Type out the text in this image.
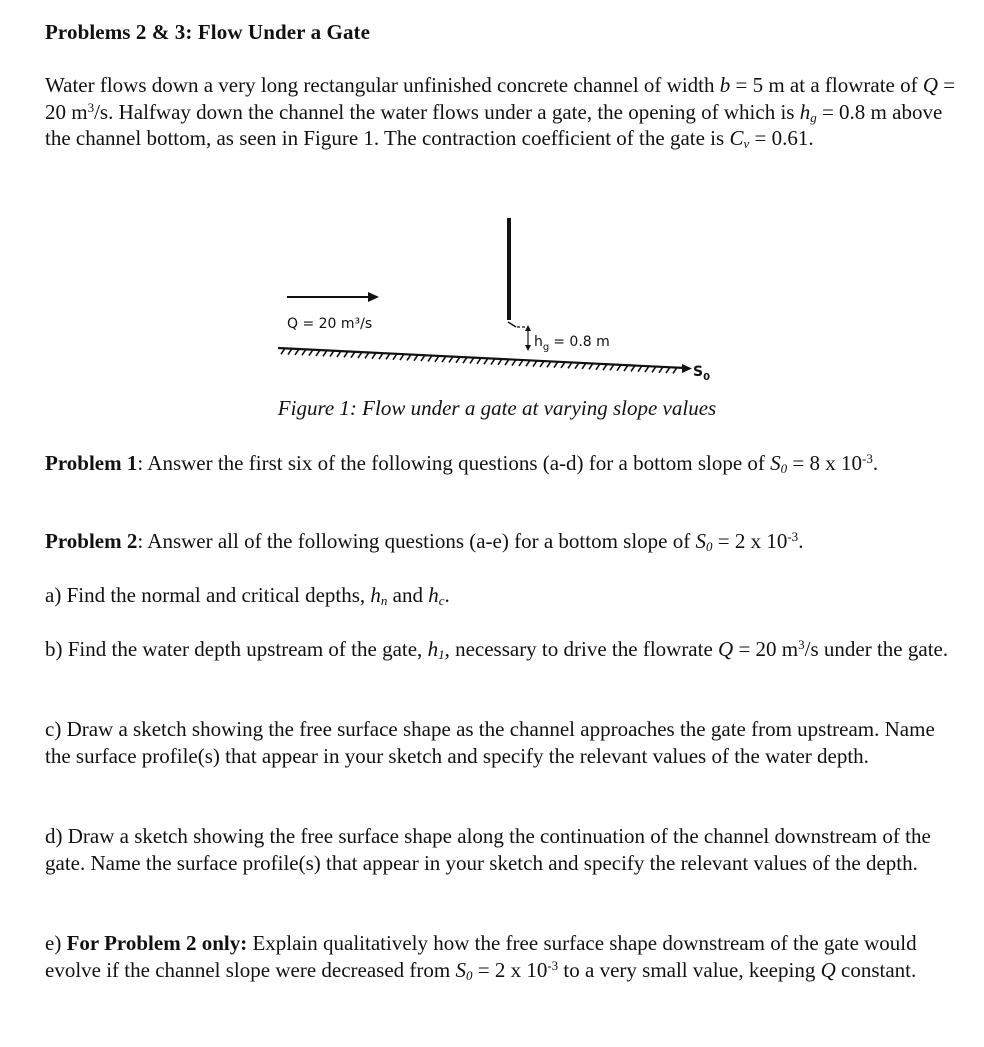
Problems 2 & 3: Flow Under a Gate
Water flows down a very long rectangular unfinished concrete channel of width b = 5 m at a flowrate of Q = 20 $m^3/s$. Halfway down the channel the water flows under a gate, the opening of which is $h_g = 0.8$ m above the channel bottom, as seen in Figure 1. The contraction coefficient of the gate is $C_v = 0.61$.
Q = 20 m³/s
$h_g = 0.8$ m
$S_0$
Figure 1: Flow under a gate at varying slope values
Problem 1: Answer the first six of the following questions (a-d) for a bottom slope of $S_0 = 8$ x $10^{-3}$.
Problem 2: Answer all of the following questions (a-e) for a bottom slope of $S_0 = 2$ x $10^{-3}$.
a) Find the normal and critical depths, $h_n$ and $h_c$.
b) Find the water depth upstream of the gate, $h_1$, necessary to drive the flowrate Q = 20 $m^3/s$ under the gate.
c) Draw a sketch showing the free surface shape as the channel approaches the gate from upstream. Name the surface profile(s) that appear in your sketch and specify the relevant values of the water depth.
d) Draw a sketch showing the free surface shape along the continuation of the channel downstream of the gate. Name the surface profile(s) that appear in your sketch and specify the relevant values of the depth.
e) For Problem 2 only: Explain qualitatively how the free surface shape downstream of the gate would evolve if the channel slope were decreased from $S_0 = 2$ x $10^{-3}$ to a very small value, keeping Q constant.
